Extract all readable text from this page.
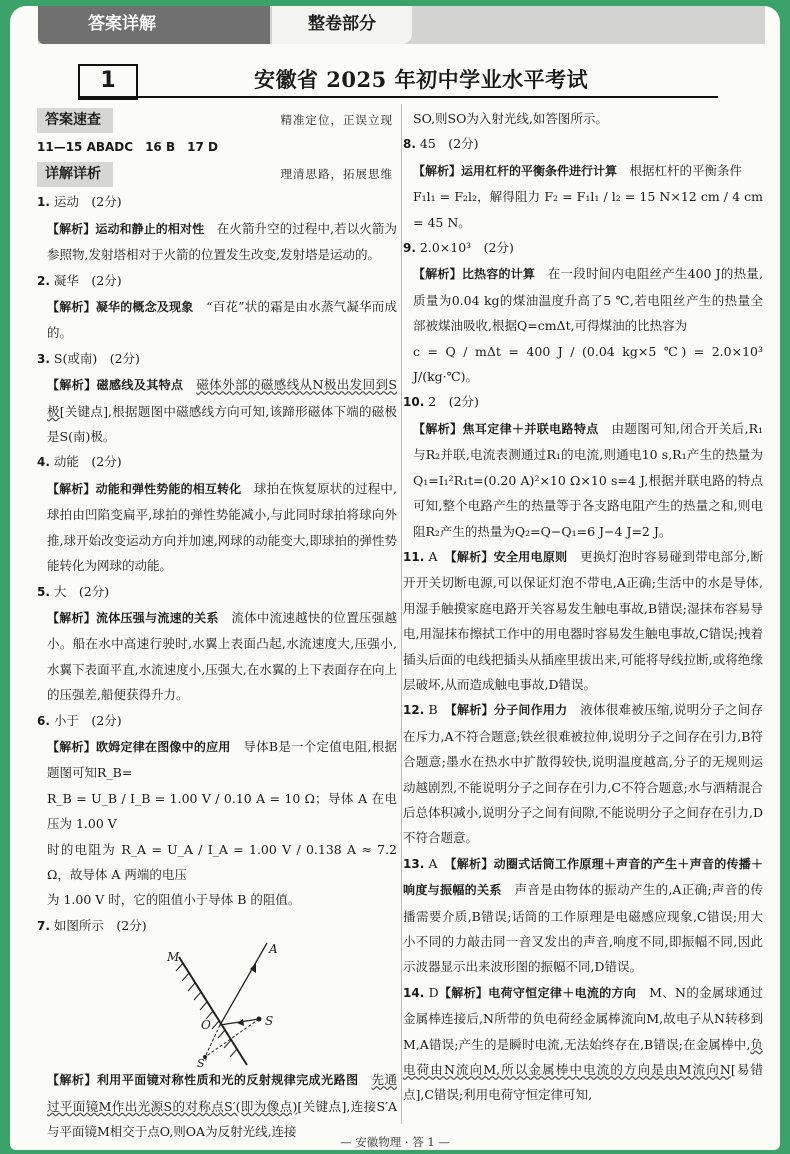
答案详解	整卷部分
1	安徽省 2025 年初中学业水平考试
答案速查	精准定位，正误立现

11—15 ABADC　16 B　17 D

详解详析	理清思路，拓展思维

1. 运动　(2分)

【解析】运动和静止的相对性　在火箭升空的过程中,若以火箭为参照物,发射塔相对于火箭的位置发生改变,发射塔是运动的。

2. 凝华　(2分)

【解析】凝华的概念及现象　“百花”状的霜是由水蒸气凝华而成的。

3. S(或南)　(2分)

【解析】磁感线及其特点　 磁体外部的磁感线从N极出发回到S极[关键点],根据题图中磁感线方向可知,该蹄形磁体下端的磁极是S(南)极。

4. 动能　(2分)

【解析】动能和弹性势能的相互转化　球拍在恢复原状的过程中,球拍由凹陷变扁平,球拍的弹性势能减小,与此同时球拍将球向外推,球开始改变运动方向并加速,网球的动能变大,即球拍的弹性势能转化为网球的动能。

5. 大　(2分)

【解析】流体压强与流速的关系　流体中流速越快的位置压强越小。船在水中高速行驶时,水翼上表面凸起,水流速度大,压强小,水翼下表面平直,水流速度小,压强大,在水翼的上下表面存在向上的压强差,船便获得升力。

6. 小于　(2分)

【解析】欧姆定律在图像中的应用　导体B是一个定值电阻,根据题图可知R_B=

R_B = U_B / I_B = 1.00 V / 0.10 A = 10 Ω；导体 A 在电压为 1.00 V

时的电阻为 R_A = U_A / I_A = 1.00 V / 0.138 A ≈ 7.2 Ω，故导体 A 两端的电压

为 1.00 V 时，它的阻值小于导体 B 的阻值。

7. 如图所示　(2分)

A
M
O	S
S′

【解析】利用平面镜对称性质和光的反射规律完成光路图　 先通过平面镜M作出光源S的对称点S′(即为像点)[关键点],连接S′A与平面镜M相交于点O,则OA为反射光线,连接

SO,则SO为入射光线,如答图所示。

8. 45　(2分)

【解析】运用杠杆的平衡条件进行计算　根据杠杆的平衡条件

F₁l₁ = F₂l₂，解得阻力 F₂ = F₁l₁ / l₂ = 15 N×12 cm / 4 cm = 45 N。

9. 2.0×10³　(2分)

【解析】比热容的计算　在一段时间内电阻丝产生400 J的热量,质量为0.04 kg的煤油温度升高了5 ℃,若电阻丝产生的热量全部被煤油吸收,根据Q=cmΔt,可得煤油的比热容为

c = Q / mΔt = 400 J / (0.04 kg×5 ℃) = 2.0×10³ J/(kg·℃)。

10. 2　(2分)

【解析】焦耳定律＋并联电路特点　由题图可知,闭合开关后,R₁与R₂并联,电流表测通过R₁的电流,则通电10 s,R₁产生的热量为Q₁=I₁²R₁t=(0.20 A)²×10 Ω×10 s=4 J,根据并联电路的特点可知,整个电路产生的热量等于各支路电阻产生的热量之和,则电阻R₂产生的热量为Q₂=Q−Q₁=6 J−4 J=2 J。

11. A　【解析】安全用电原则　更换灯泡时容易碰到带电部分,断开开关切断电源,可以保证灯泡不带电,A正确;生活中的水是导体,用湿手触摸家庭电路开关容易发生触电事故,B错误;湿抹布容易导电,用湿抹布擦拭工作中的用电器时容易发生触电事故,C错误;拽着插头后面的电线把插头从插座里拔出来,可能将导线拉断,或将绝缘层破坏,从而造成触电事故,D错误。

12. B　【解析】分子间作用力　液体很难被压缩,说明分子之间存在斥力,A不符合题意;铁丝很难被拉伸,说明分子之间存在引力,B符合题意;墨水在热水中扩散得较快,说明温度越高,分子的无规则运动越剧烈,不能说明分子之间存在引力,C不符合题意;水与酒精混合后总体积减小,说明分子之间有间隙,不能说明分子之间存在引力,D不符合题意。

13. A　【解析】动圈式话筒工作原理＋声音的产生＋声音的传播＋响度与振幅的关系　声音是由物体的振动产生的,A正确;声音的传播需要介质,B错误;话筒的工作原理是电磁感应现象,C错误;用大小不同的力敲击同一音叉发出的声音,响度不同,即振幅不同,因此示波器显示出来波形图的振幅不同,D错误。

14. D【解析】电荷守恒定律＋电流的方向　M、N的金属球通过金属棒连接后,N所带的负电荷经金属棒流向M,故电子从N转移到M,A错误;产生的是瞬时电流,无法始终存在,B错误;在金属棒中,负电荷由N流向M,所以金属棒中电流的方向是由M流向N[易错点],C错误;利用电荷守恒定律可知,

— 安徽物理 · 答 1 —
